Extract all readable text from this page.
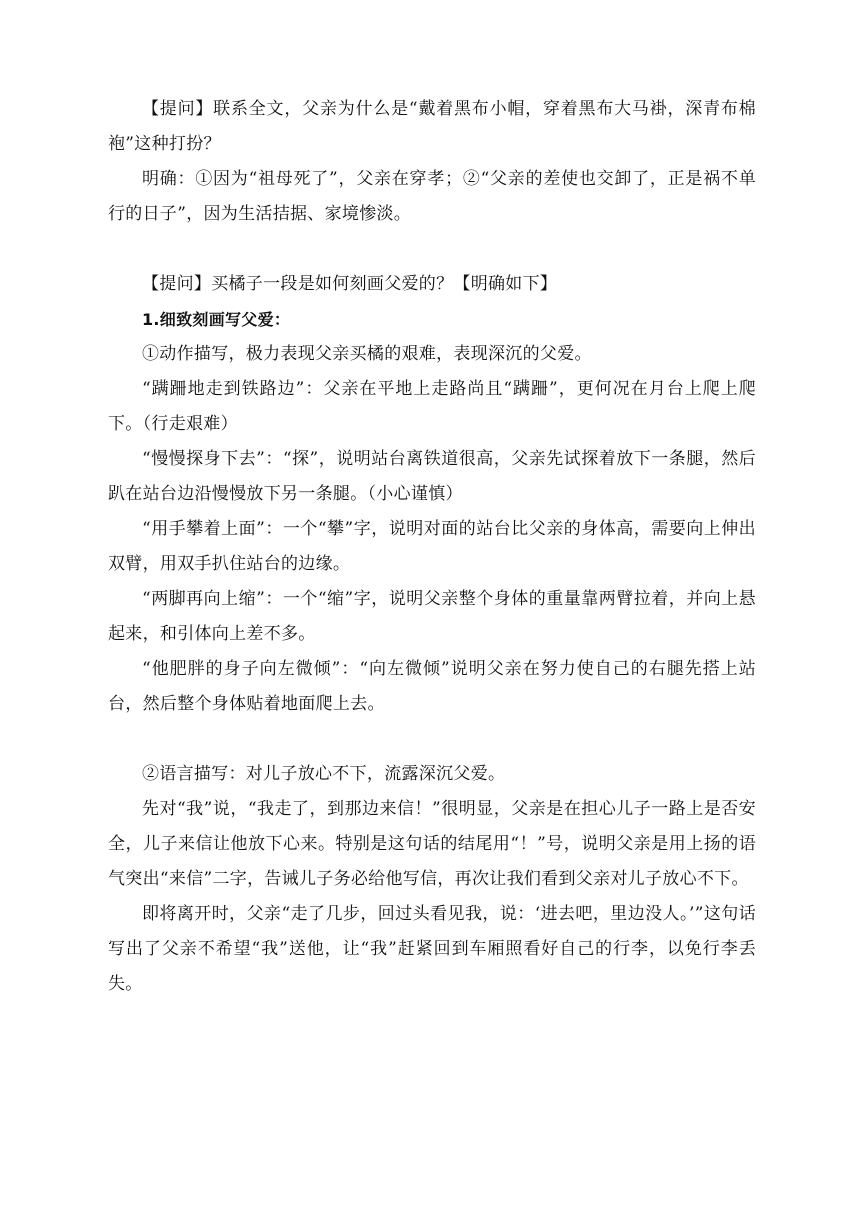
【提问】联系全文，父亲为什么是“戴着黑布小帽，穿着黑布大马褂，深青布棉袍”这种打扮？

明确：①因为“祖母死了”，父亲在穿孝；②“父亲的差使也交卸了，正是祸不单行的日子”，因为生活拮据、家境惨淡。

【提问】买橘子一段是如何刻画父爱的？【明确如下】

1.细致刻画写父爱：

①动作描写，极力表现父亲买橘的艰难，表现深沉的父爱。

“蹒跚地走到铁路边”：父亲在平地上走路尚且“蹒跚”，更何况在月台上爬上爬下。（行走艰难）

“慢慢探身下去”：“探”，说明站台离铁道很高，父亲先试探着放下一条腿，然后趴在站台边沿慢慢放下另一条腿。（小心谨慎）

“用手攀着上面”：一个“攀”字，说明对面的站台比父亲的身体高，需要向上伸出双臂，用双手扒住站台的边缘。

“两脚再向上缩”：一个“缩”字，说明父亲整个身体的重量靠两臂拉着，并向上悬起来，和引体向上差不多。

“他肥胖的身子向左微倾”：“向左微倾”说明父亲在努力使自己的右腿先搭上站台，然后整个身体贴着地面爬上去。

②语言描写：对儿子放心不下，流露深沉父爱。

先对“我”说，“我走了，到那边来信！”很明显，父亲是在担心儿子一路上是否安全，儿子来信让他放下心来。特别是这句话的结尾用“！”号，说明父亲是用上扬的语气突出“来信”二字，告诫儿子务必给他写信，再次让我们看到父亲对儿子放心不下。

即将离开时，父亲“走了几步，回过头看见我，说：‘进去吧，里边没人。’”这句话写出了父亲不希望“我”送他，让“我”赶紧回到车厢照看好自己的行李，以免行李丢失。
